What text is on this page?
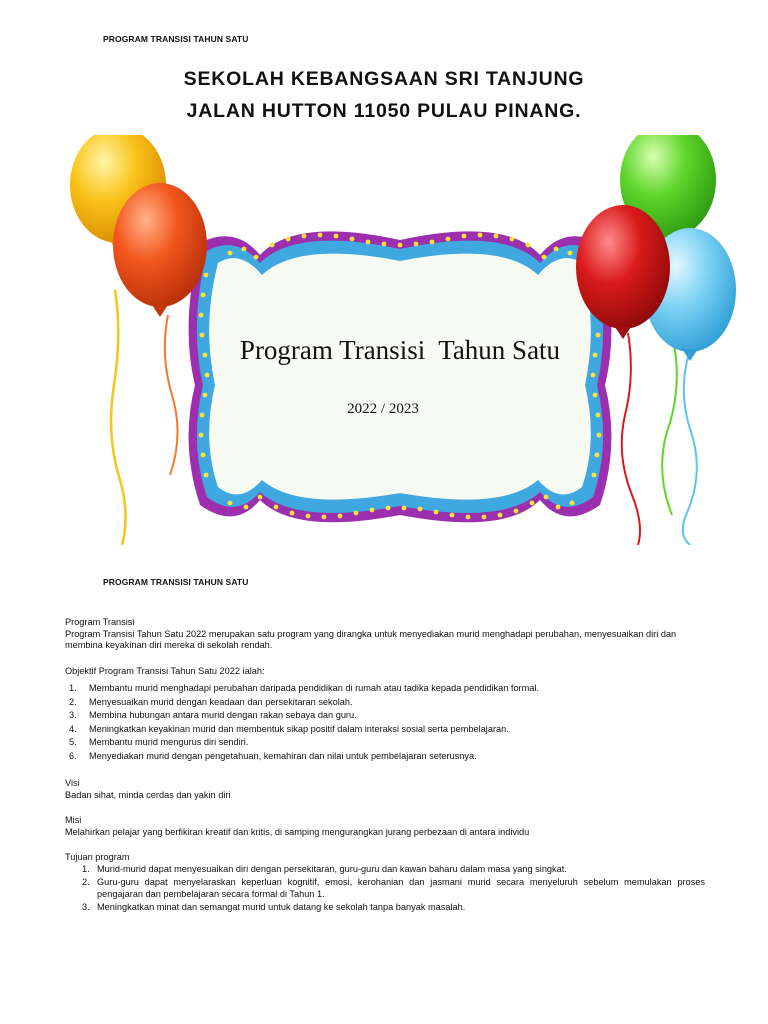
PROGRAM TRANSISI TAHUN SATU
SEKOLAH KEBANGSAAN SRI TANJUNG
JALAN HUTTON 11050 PULAU PINANG.
Program Transisi  Tahun Satu
2022 / 2023
PROGRAM TRANSISI TAHUN SATU

Program Transisi

Program Transisi Tahun Satu 2022 merupakan satu program yang dirangka untuk menyediakan murid menghadapi perubahan, menyesuaikan diri dan membina keyakinan diri mereka di sekolah rendah.

Objektif Program Transisi Tahun Satu 2022 ialah:

1. Membantu murid menghadapi perubahan daripada pendidikan di rumah atau tadika kepada pendidikan formal.
2. Menyesuaikan murid dengan keadaan dan persekitaran sekolah.
3. Membina hubungan antara murid dengan rakan sebaya dan guru.
4. Meningkatkan keyakinan murid dan membentuk sikap positif dalam interaksi sosial serta pembelajaran.
5. Membantu murid mengurus diri sendiri.
6. Menyediakan murid dengan pengetahuan, kemahiran dan nilai untuk pembelajaran seterusnya.

Visi

Badan sihat, minda cerdas dan yakin diri

Misi

Melahirkan pelajar yang berfikiran kreatif dan kritis, di samping mengurangkan jurang perbezaan di antara individu

Tujuan program

1. Murid-murid dapat menyesuaikan diri dengan persekitaran, guru-guru dan kawan baharu dalam masa yang singkat.
2. Guru-guru dapat menyelaraskan keperluan kognitif, emosi, kerohanian dan jasmani murid secara menyeluruh sebelum memulakan proses pengajaran dan pembelajaran secara formal di Tahun 1.
3. Meningkatkan minat dan semangat murid untuk datang ke sekolah tanpa banyak masalah.
